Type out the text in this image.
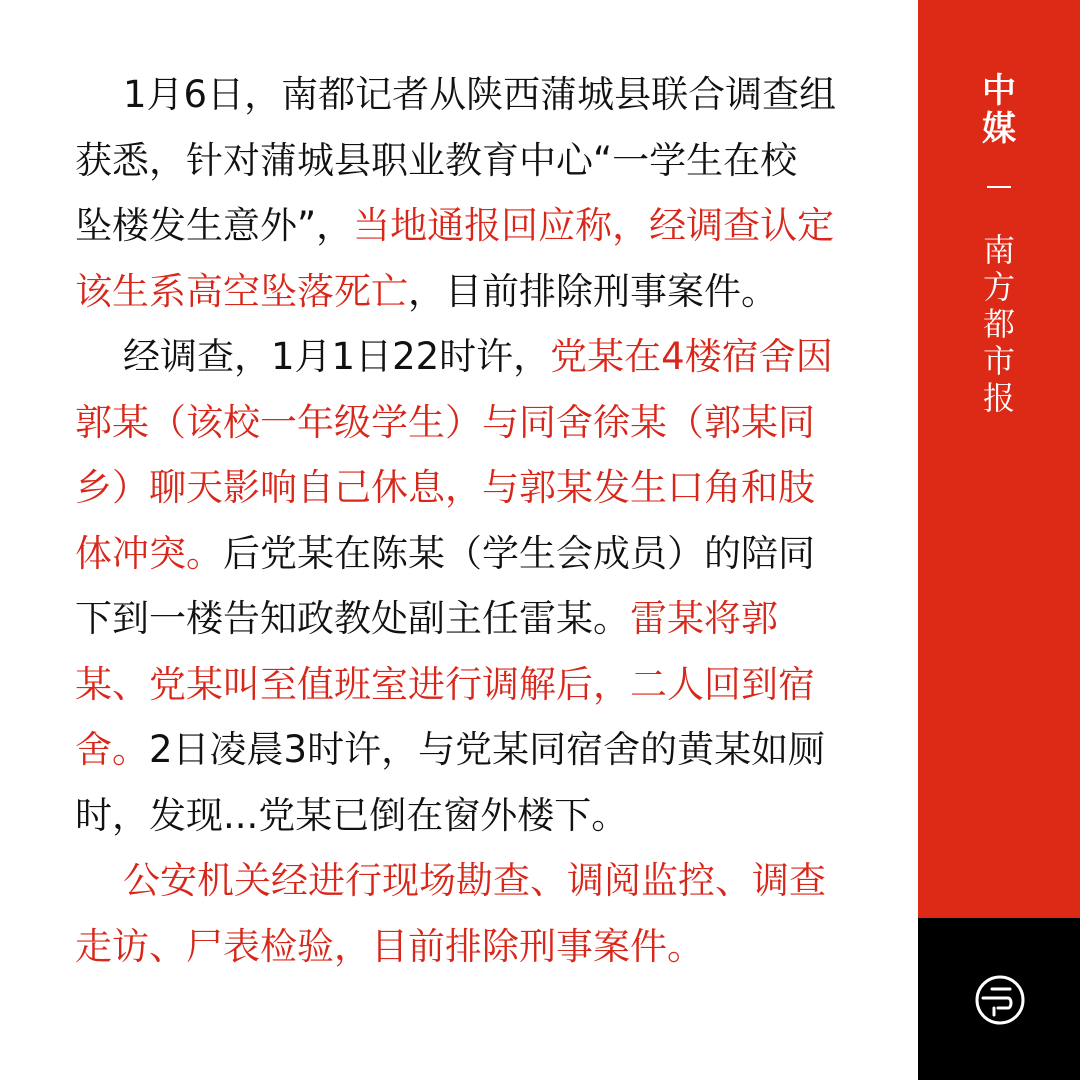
1月6日，南都记者从陕西蒲城县联合调查组
获悉，针对蒲城县职业教育中心“一学生在校
坠楼发生意外”，当地通报回应称，经调查认定
该生系高空坠落死亡，目前排除刑事案件。

经调查，1月1日22时许，党某在4楼宿舍因
郭某（该校一年级学生）与同舍徐某（郭某同
乡）聊天影响自己休息，与郭某发生口角和肢
体冲突。后党某在陈某（学生会成员）的陪同
下到一楼告知政教处副主任雷某。雷某将郭
某、党某叫至值班室进行调解后，二人回到宿
舍。2日凌晨3时许，与党某同宿舍的黄某如厕
时，发现...党某已倒在窗外楼下。

公安机关经进行现场勘查、调阅监控、调查
走访、尸表检验，目前排除刑事案件。

中
媒
南
方
都
市
报
